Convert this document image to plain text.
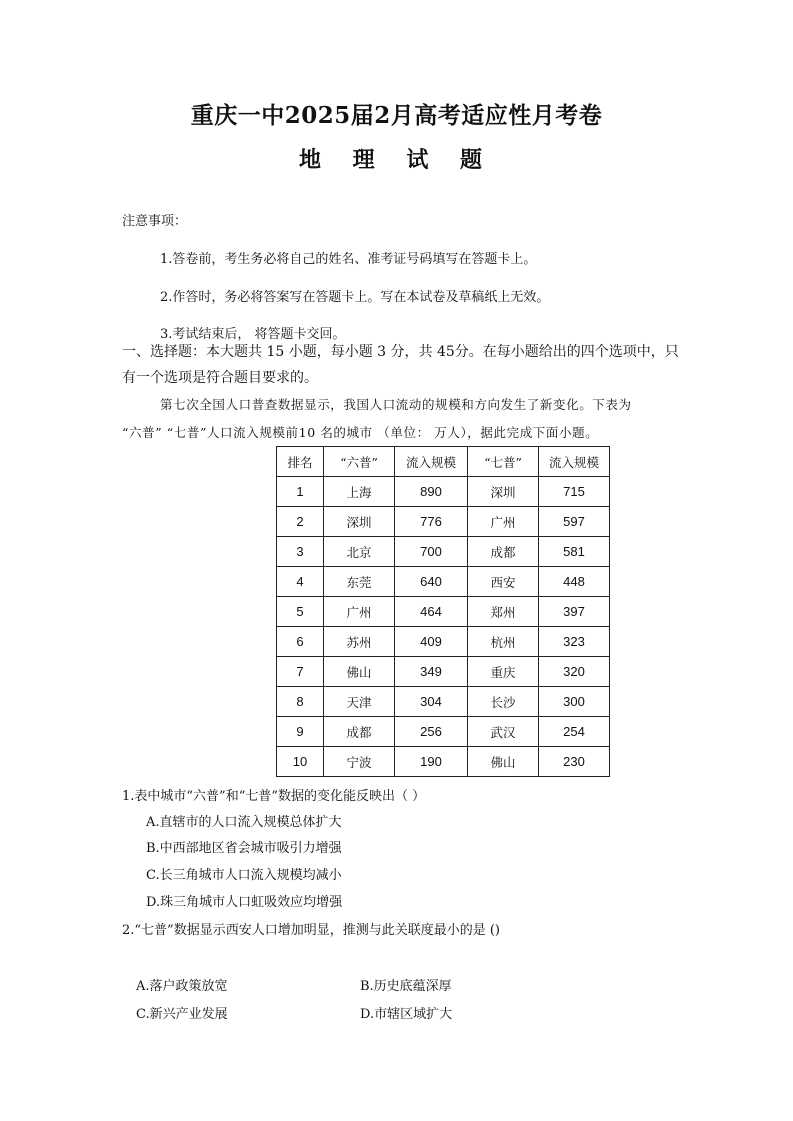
重庆一中2025届2月高考适应性月考卷
地 理 试 题
注意事项：
1.答卷前，考生务必将自己的姓名、准考证号码填写在答题卡上。
2.作答时，务必将答案写在答题卡上。写在本试卷及草稿纸上无效。
3.考试结束后， 将答题卡交回。
一、选择题：本大题共 15 小题，每小题 3 分，共 45分。在每小题给出的四个选项中，只
有一个选项是符合题目要求的。
第七次全国人口普查数据显示，我国人口流动的规模和方向发生了新变化。下表为
“六普” “七普”人口流入规模前10 名的城市 （单位： 万人），据此完成下面小题。
排名	“六普”	流入规模	“七普”	流入规模
1	上海	890	深圳	715
2	深圳	776	广州	597
3	北京	700	成都	581
4	东莞	640	西安	448
5	广州	464	郑州	397
6	苏州	409	杭州	323
7	佛山	349	重庆	320
8	天津	304	长沙	300
9	成都	256	武汉	254
10	宁波	190	佛山	230
1.表中城市“六普”和“七普”数据的变化能反映出（ ）
A.直辖市的人口流入规模总体扩大
B.中西部地区省会城市吸引力增强
C.长三角城市人口流入规模均减小
D.珠三角城市人口虹吸效应均增强
2.“七普”数据显示西安人口增加明显，推测与此关联度最小的是 ()
A.落户政策放宽	B.历史底蕴深厚
C.新兴产业发展	D.市辖区域扩大
